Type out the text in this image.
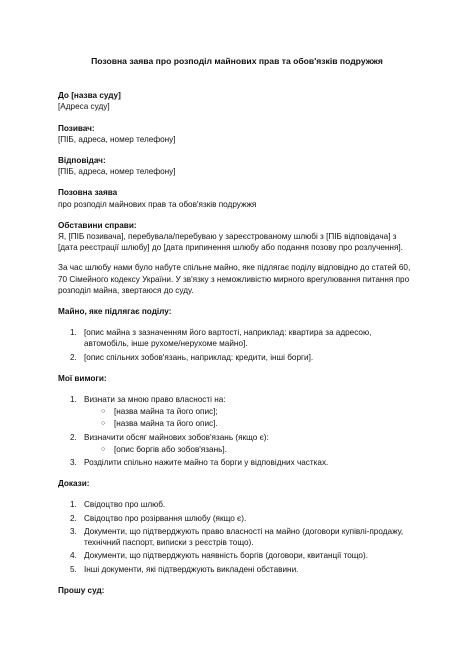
Позовна заява про розподіл майнових прав та обов'язків подружжя

До [назва суду]

[Адреса суду]

Позивач:

[ПІБ, адреса, номер телефону]

Відповідач:

[ПІБ, адреса, номер телефону]

Позовна заява

про розподіл майнових прав та обов'язків подружжя

Обставини справи:

Я, [ПІБ позивача], перебувала/перебуваю у зареєстрованому шлюбі з [ПІБ відповідача] з [дата реєстрації шлюбу] до [дата припинення шлюбу або подання позову про розлучення].

За час шлюбу нами було набуте спільне майно, яке підлягає поділу відповідно до статей 60, 70 Сімейного кодексу України. У зв'язку з неможливістю мирного врегулювання питання про розподіл майна, звертаюся до суду.

Майно, яке підлягає поділу:

1. [опис майна з зазначенням його вартості, наприклад: квартира за адресою, автомобіль, інше рухоме/нерухоме майно].
2. [опис спільних зобов'язань, наприклад: кредити, інші борги].

Мої вимоги:

1. Визнати за мною право власності на:
○ [назва майна та його опис];
○ [назва майна та його опис].
2. Визначити обсяг майнових зобов'язань (якщо є):
○ [опис боргів або зобов'язань].
3. Розділити спільно нажите майно та борги у відповідних частках.

Докази:

1. Свідоцтво про шлюб.
2. Свідоцтво про розірвання шлюбу (якщо є).
3. Документи, що підтверджують право власності на майно (договори купівлі-продажу, технічний паспорт, виписки з реєстрів тощо).
4. Документи, що підтверджують наявність боргів (договори, квитанції тощо).
5. Інші документи, які підтверджують викладені обставини.

Прошу суд:
